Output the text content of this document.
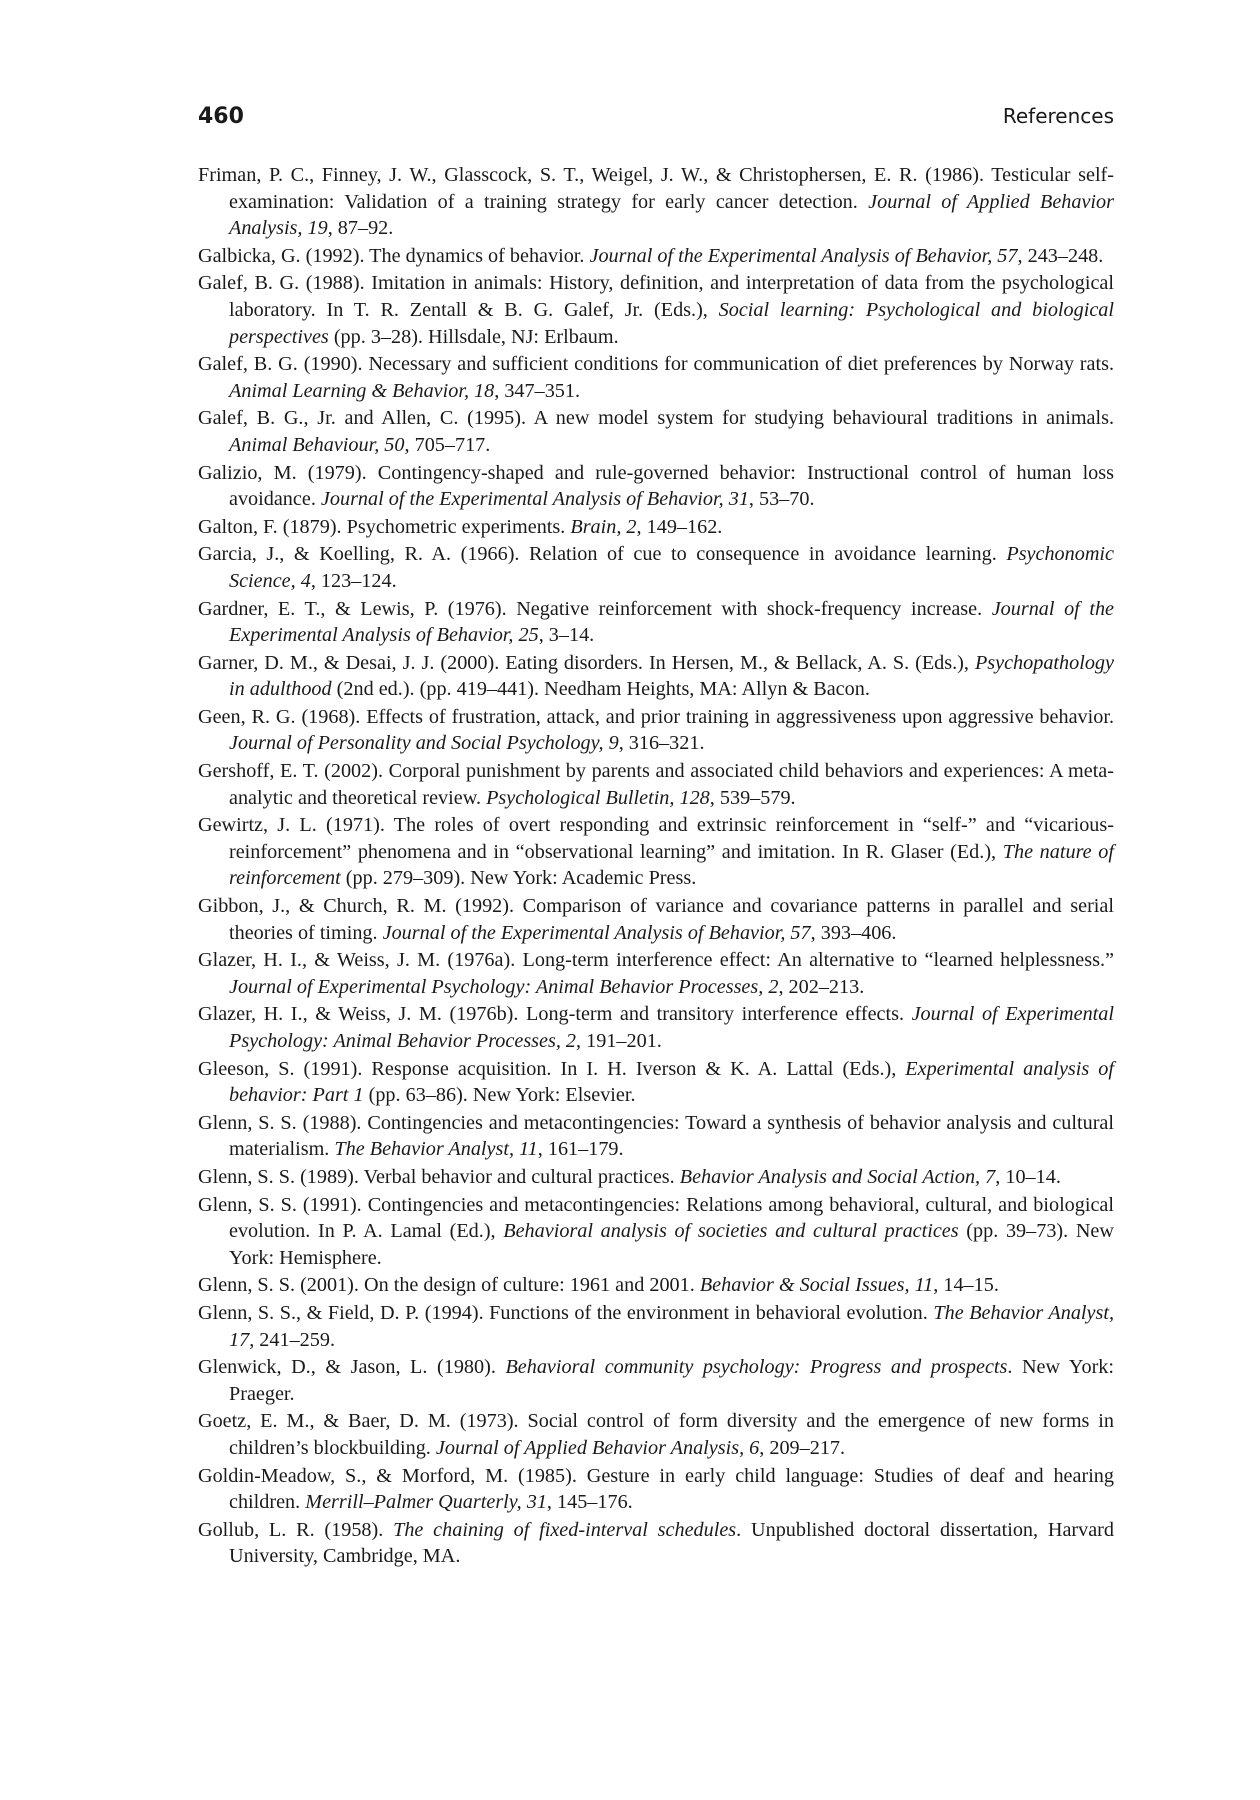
460	References

Friman, P. C., Finney, J. W., Glasscock, S. T., Weigel, J. W., & Christophersen, E. R. (1986). Testicular self-examination: Validation of a training strategy for early cancer detection. Journal of Applied Behavior Analysis, 19, 87–92.

Galbicka, G. (1992). The dynamics of behavior. Journal of the Experimental Analysis of Behavior, 57, 243–248.

Galef, B. G. (1988). Imitation in animals: History, definition, and interpretation of data from the psychological laboratory. In T. R. Zentall & B. G. Galef, Jr. (Eds.), Social learning: Psychological and biological perspectives (pp. 3–28). Hillsdale, NJ: Erlbaum.

Galef, B. G. (1990). Necessary and sufficient conditions for communication of diet preferences by Norway rats. Animal Learning & Behavior, 18, 347–351.

Galef, B. G., Jr. and Allen, C. (1995). A new model system for studying behavioural traditions in animals. Animal Behaviour, 50, 705–717.

Galizio, M. (1979). Contingency-shaped and rule-governed behavior: Instructional control of human loss avoidance. Journal of the Experimental Analysis of Behavior, 31, 53–70.

Galton, F. (1879). Psychometric experiments. Brain, 2, 149–162.

Garcia, J., & Koelling, R. A. (1966). Relation of cue to consequence in avoidance learning. Psychonomic Science, 4, 123–124.

Gardner, E. T., & Lewis, P. (1976). Negative reinforcement with shock-frequency increase. Journal of the Experimental Analysis of Behavior, 25, 3–14.

Garner, D. M., & Desai, J. J. (2000). Eating disorders. In Hersen, M., & Bellack, A. S. (Eds.), Psychopathology in adulthood (2nd ed.). (pp. 419–441). Needham Heights, MA: Allyn & Bacon.

Geen, R. G. (1968). Effects of frustration, attack, and prior training in aggressiveness upon aggressive behavior. Journal of Personality and Social Psychology, 9, 316–321.

Gershoff, E. T. (2002). Corporal punishment by parents and associated child behaviors and experiences: A meta-analytic and theoretical review. Psychological Bulletin, 128, 539–579.

Gewirtz, J. L. (1971). The roles of overt responding and extrinsic reinforcement in “self-” and “vicarious-reinforcement” phenomena and in “observational learning” and imitation. In R. Glaser (Ed.), The nature of reinforcement (pp. 279–309). New York: Academic Press.

Gibbon, J., & Church, R. M. (1992). Comparison of variance and covariance patterns in parallel and serial theories of timing. Journal of the Experimental Analysis of Behavior, 57, 393–406.

Glazer, H. I., & Weiss, J. M. (1976a). Long-term interference effect: An alternative to “learned helplessness.” Journal of Experimental Psychology: Animal Behavior Processes, 2, 202–213.

Glazer, H. I., & Weiss, J. M. (1976b). Long-term and transitory interference effects. Journal of Experimental Psychology: Animal Behavior Processes, 2, 191–201.

Gleeson, S. (1991). Response acquisition. In I. H. Iverson & K. A. Lattal (Eds.), Experimental analysis of behavior: Part 1 (pp. 63–86). New York: Elsevier.

Glenn, S. S. (1988). Contingencies and metacontingencies: Toward a synthesis of behavior analysis and cultural materialism. The Behavior Analyst, 11, 161–179.

Glenn, S. S. (1989). Verbal behavior and cultural practices. Behavior Analysis and Social Action, 7, 10–14.

Glenn, S. S. (1991). Contingencies and metacontingencies: Relations among behavioral, cultural, and biological evolution. In P. A. Lamal (Ed.), Behavioral analysis of societies and cultural practices (pp. 39–73). New York: Hemisphere.

Glenn, S. S. (2001). On the design of culture: 1961 and 2001. Behavior & Social Issues, 11, 14–15.

Glenn, S. S., & Field, D. P. (1994). Functions of the environment in behavioral evolution. The Behavior Analyst, 17, 241–259.

Glenwick, D., & Jason, L. (1980). Behavioral community psychology: Progress and prospects. New York: Praeger.

Goetz, E. M., & Baer, D. M. (1973). Social control of form diversity and the emergence of new forms in children’s blockbuilding. Journal of Applied Behavior Analysis, 6, 209–217.

Goldin-Meadow, S., & Morford, M. (1985). Gesture in early child language: Studies of deaf and hearing children. Merrill–Palmer Quarterly, 31, 145–176.

Gollub, L. R. (1958). The chaining of fixed-interval schedules. Unpublished doctoral dissertation, Harvard University, Cambridge, MA.
